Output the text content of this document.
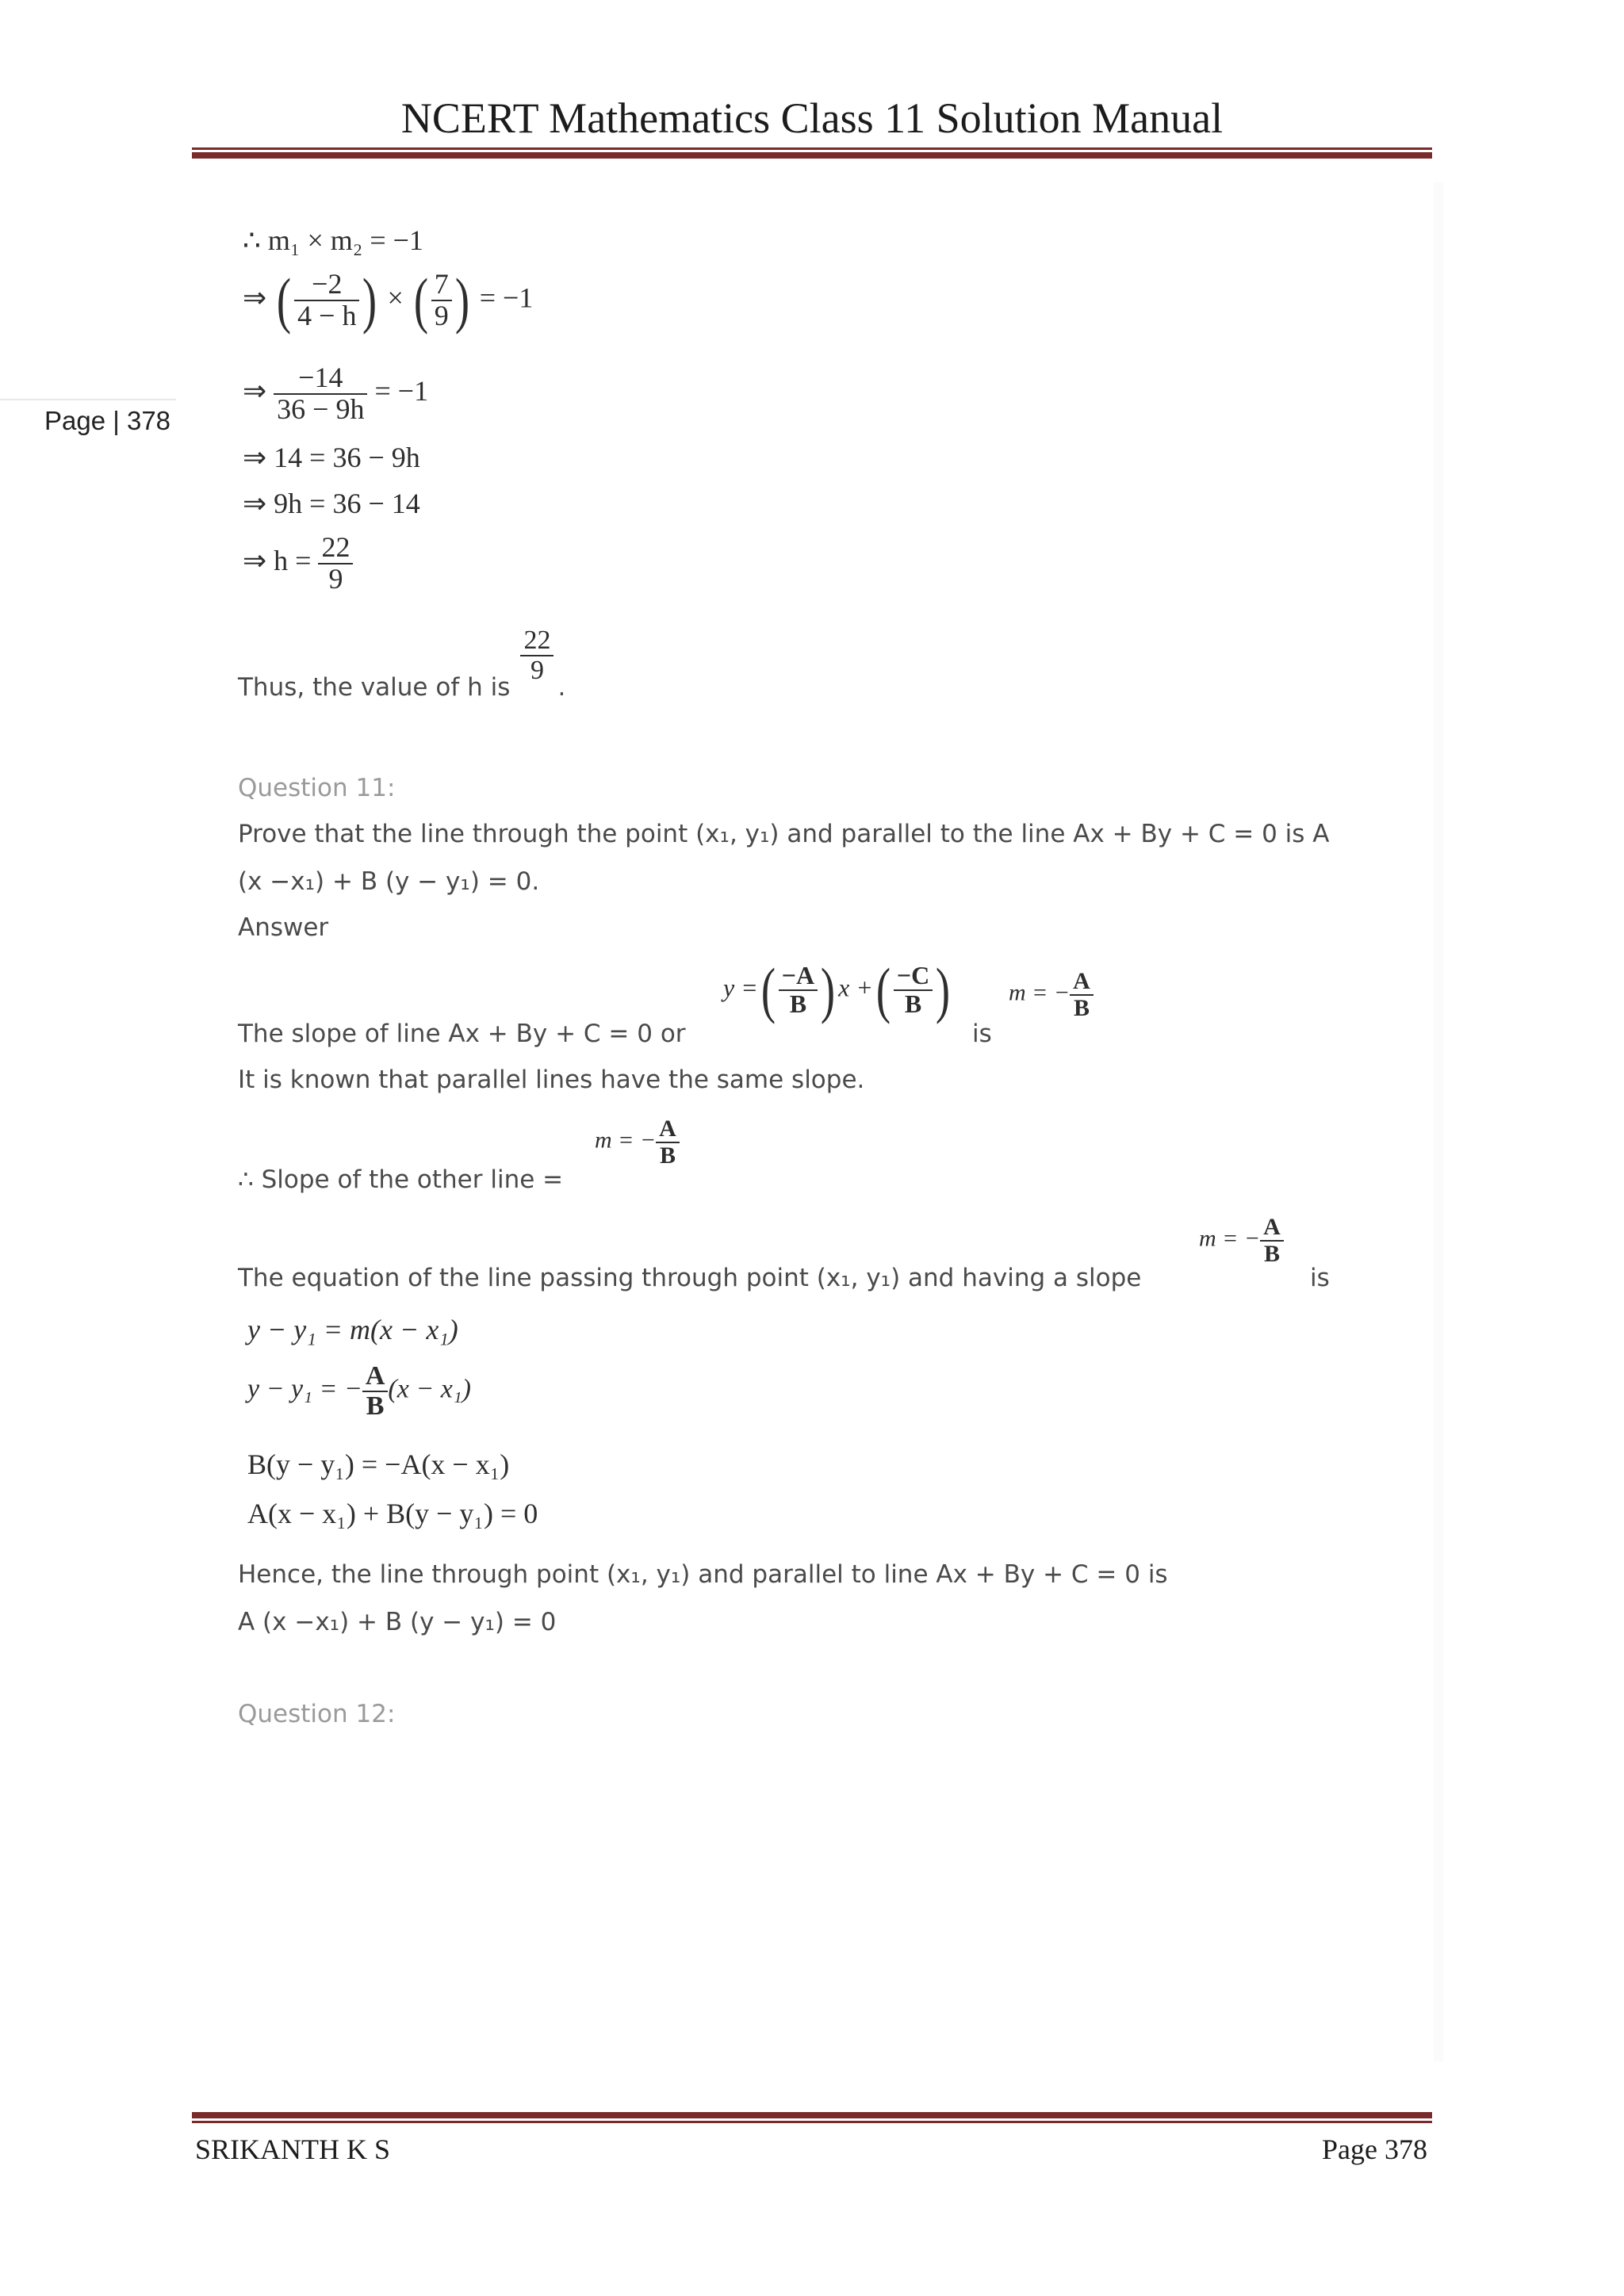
NCERT Mathematics Class 11 Solution Manual
Page | 378
∴ m₁ × m₂ = −1
⇒ ( $\frac{-2}{4 - h}$ ) × ( $\frac{7}{9}$ ) = −1
⇒ $\frac{-14}{36 - 9h} = -1$
⇒ 14 = 36 − 9h
⇒ 9h = 36 − 14
⇒ $h = \frac{22}{9}$
Thus, the value of h is
$\frac{22}{9}$
.
Question 11:
Prove that the line through the point (x₁, y₁) and parallel to the line Ax + By + C = 0 is A
(x −x₁) + B (y − y₁) = 0.
Answer
The slope of line Ax + By + C = 0 or
y =( $\frac{-A}{B}$ ) x +( $\frac{-C}{B}$ )
is
m = − $\frac{A}{B}$
It is known that parallel lines have the same slope.
∴ Slope of the other line =
m = − $\frac{A}{B}$
The equation of the line passing through point (x₁, y₁) and having a slope
m = − $\frac{A}{B}$
is
y − y₁ = m(x − x₁)
y − y₁ = − $\frac{A}{B} (x - x_1)$
B(y − y₁) = −A(x − x₁)
A(x − x₁) + B(y − y₁) = 0
Hence, the line through point (x₁, y₁) and parallel to line Ax + By + C = 0 is
A (x −x₁) + B (y − y₁) = 0
Question 12:
SRIKANTH K S	Page 378
